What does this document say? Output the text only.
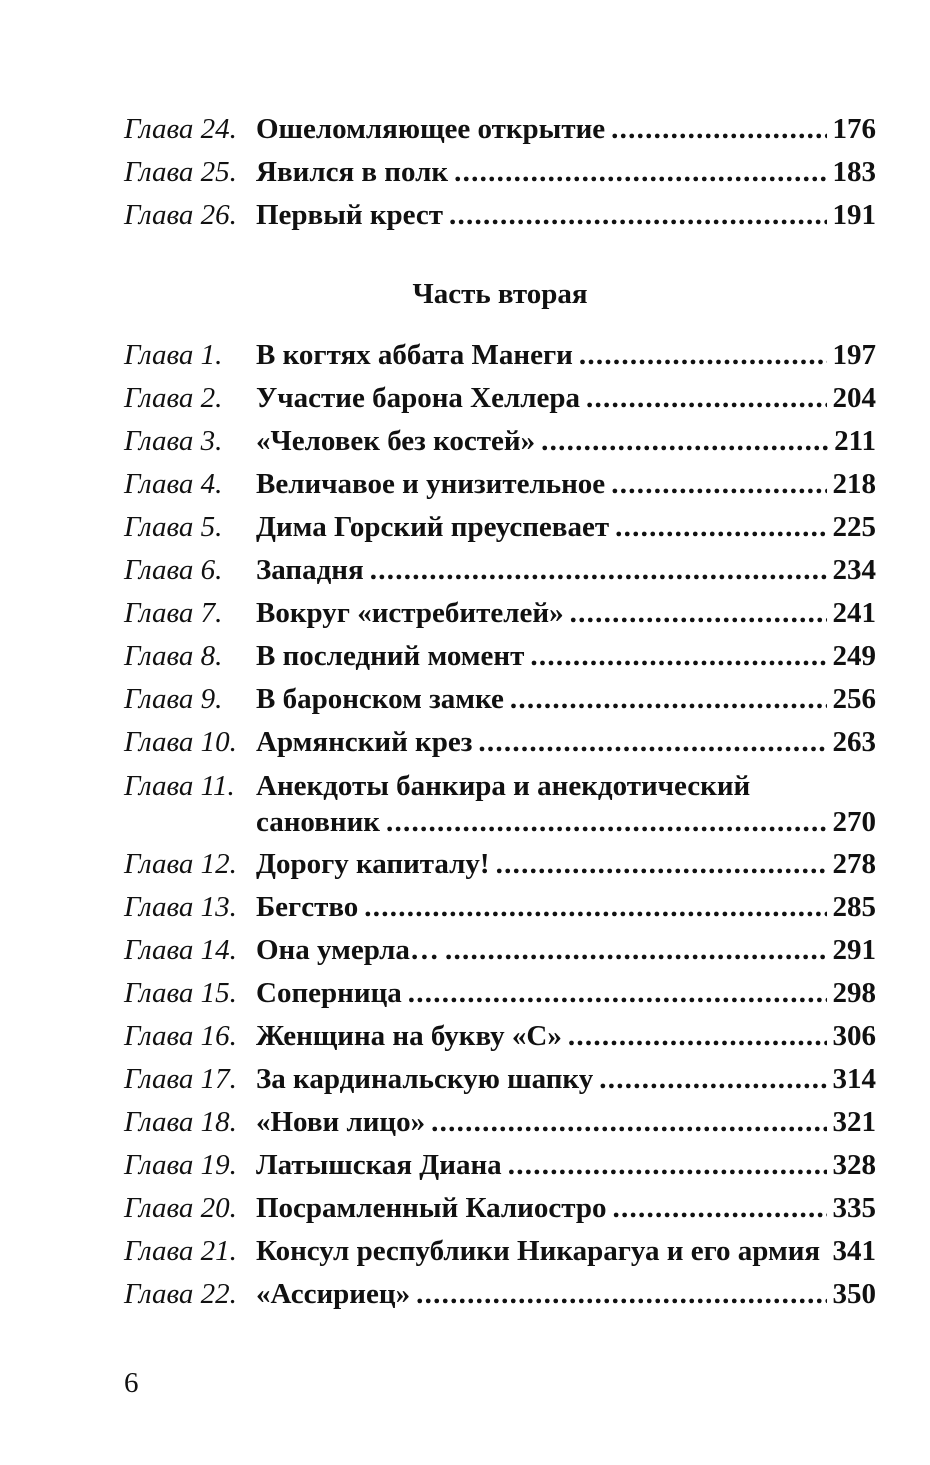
Глава 24. Ошеломляющее открытие . . .	176
Глава 25. Явился в полк . . .	183
Глава 26. Первый крест . . .	191
Часть вторая
Глава 1.	В когтях аббата Манеги . . .	197
Глава 2.	Участие барона Хеллера . . .	204
Глава 3.	«Человек без костей» . . .	211
Глава 4.	Величавое и унизительное . . .	218
Глава 5.	Дима Горский преуспевает . . .	225
Глава 6.	Западня . . .	234
Глава 7.	Вокруг «истребителей» . . .	241
Глава 8.	В последний момент . . .	249
Глава 9.	В баронском замке . . .	256
Глава 10. Армянский крез . . .	263
Глава 11. Анекдоты банкира и анекдотический
сановник . . .	270
Глава 12. Дорогу капиталу! . . .	278
Глава 13. Бегство . . .	285
Глава 14. Она умерла… . . .	291
Глава 15. Соперница . . .	298
Глава 16. Женщина на букву «С» . . .	306
Глава 17. За кардинальскую шапку . . .	314
Глава 18. «Нови лицо» . . .	321
Глава 19. Латышская Диана . . .	328
Глава 20. Посрамленный Калиостро . . .	335
Глава 21. Консул республики Никарагуа и его армия . . . 341
Глава 22. «Ассириец» . . .	350
6
